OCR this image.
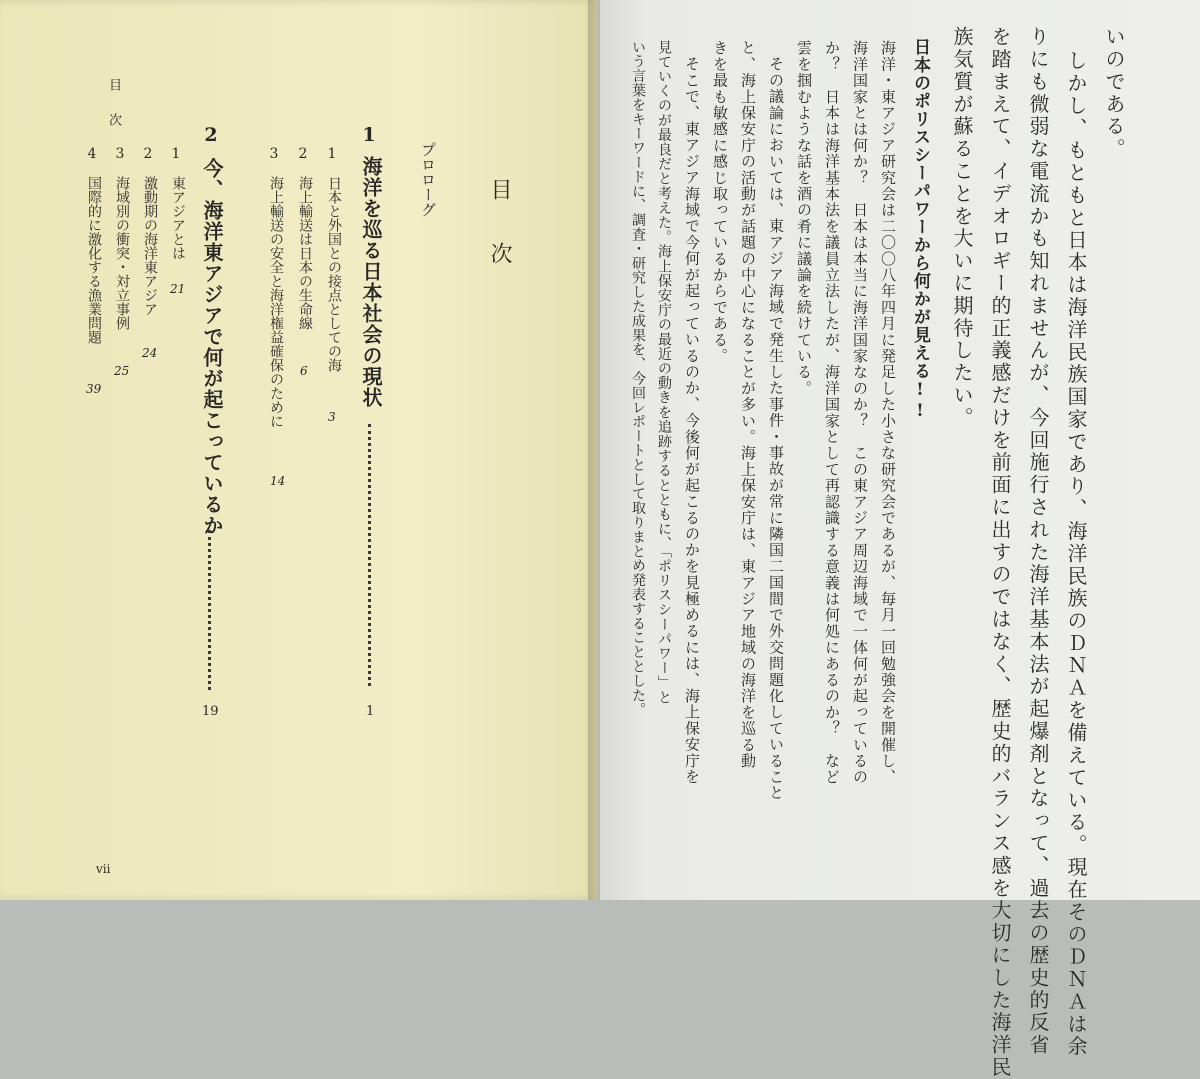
目次
目次
プロローグ
1
海洋を巡る日本社会の現状
1
1
日本と外国との接点としての海
3
2
海上輸送は日本の生命線
6
3
海上輸送の安全と海洋権益確保のために
14
2
今、海洋東アジアで何が起こっているか
19
1
東アジアとは
21
2
激動期の海洋東アジア
24
3
海域別の衝突・対立事例
25
4
国際的に激化する漁業問題
39
vii
いのである。
しかし、もともと日本は海洋民族国家であり、海洋民族のＤＮＡを備えている。現在そのＤＮＡは余
りにも微弱な電流かも知れませんが、今回施行された海洋基本法が起爆剤となって、過去の歴史的反省
を踏まえて、イデオロギー的正義感だけを前面に出すのではなく、歴史的バランス感を大切にした海洋民
族気質が蘇ることを大いに期待したい。
日本のポリスシーパワーから何かが見える!!
海洋・東アジア研究会は二〇〇八年四月に発足した小さな研究会であるが、毎月一回勉強会を開催し、
海洋国家とは何か？　日本は本当に海洋国家なのか？　この東アジア周辺海域で一体何が起っているの
か？　日本は海洋基本法を議員立法したが、海洋国家として再認識する意義は何処にあるのか？　など
雲を掴むような話を酒の肴に議論を続けている。
その議論においては、東アジア海域で発生した事件・事故が常に隣国二国間で外交問題化していること
と、海上保安庁の活動が話題の中心になることが多い。海上保安庁は、東アジア地域の海洋を巡る動
きを最も敏感に感じ取っているからである。
そこで、東アジア海域で今何が起っているのか、今後何が起こるのかを見極めるには、海上保安庁を
見ていくのが最良だと考えた。海上保安庁の最近の動きを追跡するとともに、「ポリスシーパワー」と
いう言葉をキーワードに、調査・研究した成果を、今回レポートとして取りまとめ発表することとした。
